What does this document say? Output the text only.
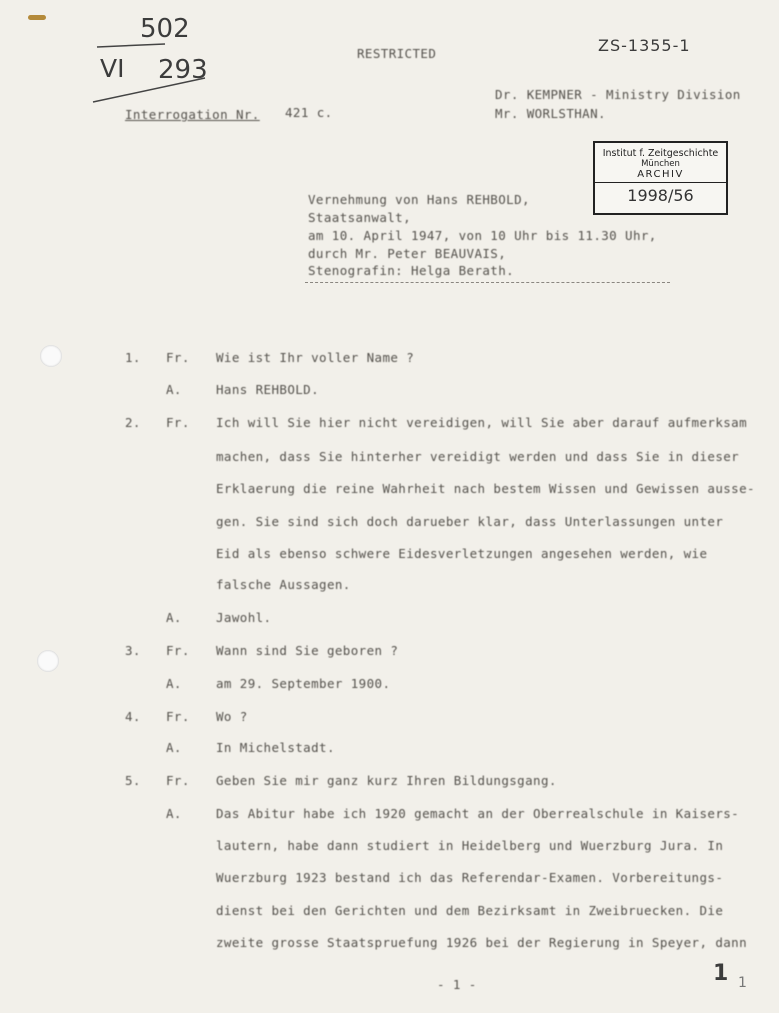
502
VI 293
ZS-1355-1
1 1
RESTRICTED
Interrogation Nr. 421 c.
Dr. KEMPNER - Ministry Division
Mr. WORLSTHAN.
Institut f. Zeitgeschichte
München
ARCHIV
1998/56
Vernehmung von Hans REHBOLD,
Staatsanwalt,
am 10. April 1947, von 10 Uhr bis 11.30 Uhr,
durch Mr. Peter BEAUVAIS,
Stenografin: Helga Berath.
1. Fr. Wie ist Ihr voller Name ?
A.	Hans REHBOLD.
2. Fr. Ich will Sie hier nicht vereidigen, will Sie aber darauf aufmerksam
machen, dass Sie hinterher vereidigt werden und dass Sie in dieser
Erklaerung die reine Wahrheit nach bestem Wissen und Gewissen ausse-
gen. Sie sind sich doch darueber klar, dass Unterlassungen unter
Eid als ebenso schwere Eidesverletzungen angesehen werden, wie
falsche Aussagen.
A.	Jawohl.
3. Fr. Wann sind Sie geboren ?
A.	am 29. September 1900.
4. Fr. Wo ?
A.	In Michelstadt.
5. Fr. Geben Sie mir ganz kurz Ihren Bildungsgang.
A.	Das Abitur habe ich 1920 gemacht an der Oberrealschule in Kaisers-
lautern, habe dann studiert in Heidelberg und Wuerzburg Jura. In
Wuerzburg 1923 bestand ich das Referendar-Examen. Vorbereitungs-
dienst bei den Gerichten und dem Bezirksamt in Zweibruecken. Die
zweite grosse Staatspruefung 1926 bei der Regierung in Speyer, dann
- 1 -
